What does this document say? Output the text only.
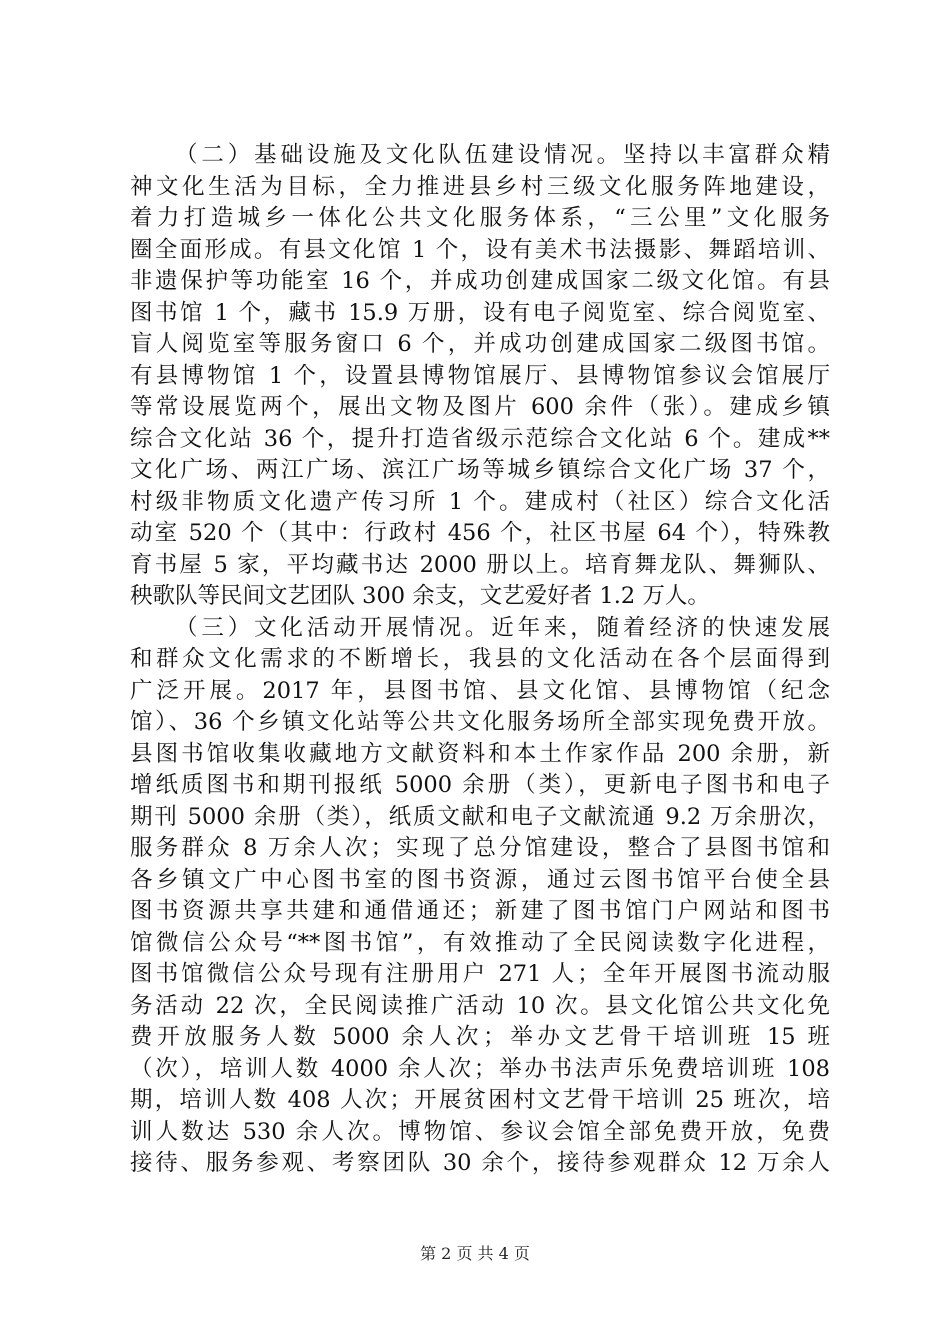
（二）基础设施及文化队伍建设情况。坚持以丰富群众精
神文化生活为目标，全力推进县乡村三级文化服务阵地建设，
着力打造城乡一体化公共文化服务体系，“三公里”文化服务
圈全面形成。有县文化馆 1 个，设有美术书法摄影、舞蹈培训、
非遗保护等功能室 16 个，并成功创建成国家二级文化馆。有县
图书馆 1 个，藏书 15.9 万册，设有电子阅览室、综合阅览室、
盲人阅览室等服务窗口 6 个，并成功创建成国家二级图书馆。
有县博物馆 1 个，设置县博物馆展厅、县博物馆参议会馆展厅
等常设展览两个，展出文物及图片 600 余件（张）。建成乡镇
综合文化站 36 个，提升打造省级示范综合文化站 6 个。建成**
文化广场、两江广场、滨江广场等城乡镇综合文化广场 37 个，
村级非物质文化遗产传习所 1 个。建成村（社区）综合文化活
动室 520 个（其中：行政村 456 个，社区书屋 64 个），特殊教
育书屋 5 家，平均藏书达 2000 册以上。培育舞龙队、舞狮队、
秧歌队等民间文艺团队 300 余支，文艺爱好者 1.2 万人。
（三）文化活动开展情况。近年来，随着经济的快速发展
和群众文化需求的不断增长，我县的文化活动在各个层面得到
广泛开展。2017 年，县图书馆、县文化馆、县博物馆（纪念
馆）、36 个乡镇文化站等公共文化服务场所全部实现免费开放。
县图书馆收集收藏地方文献资料和本土作家作品 200 余册，新
增纸质图书和期刊报纸 5000 余册（类），更新电子图书和电子
期刊 5000 余册（类），纸质文献和电子文献流通 9.2 万余册次，
服务群众 8 万余人次；实现了总分馆建设，整合了县图书馆和
各乡镇文广中心图书室的图书资源，通过云图书馆平台使全县
图书资源共享共建和通借通还；新建了图书馆门户网站和图书
馆微信公众号“**图书馆”，有效推动了全民阅读数字化进程，
图书馆微信公众号现有注册用户 271 人；全年开展图书流动服
务活动 22 次，全民阅读推广活动 10 次。县文化馆公共文化免
费开放服务人数 5000 余人次；举办文艺骨干培训班 15 班
（次），培训人数 4000 余人次；举办书法声乐免费培训班 108
期，培训人数 408 人次；开展贫困村文艺骨干培训 25 班次，培
训人数达 530 余人次。博物馆、参议会馆全部免费开放，免费
接待、服务参观、考察团队 30 余个，接待参观群众 12 万余人
第 2 页 共 4 页
